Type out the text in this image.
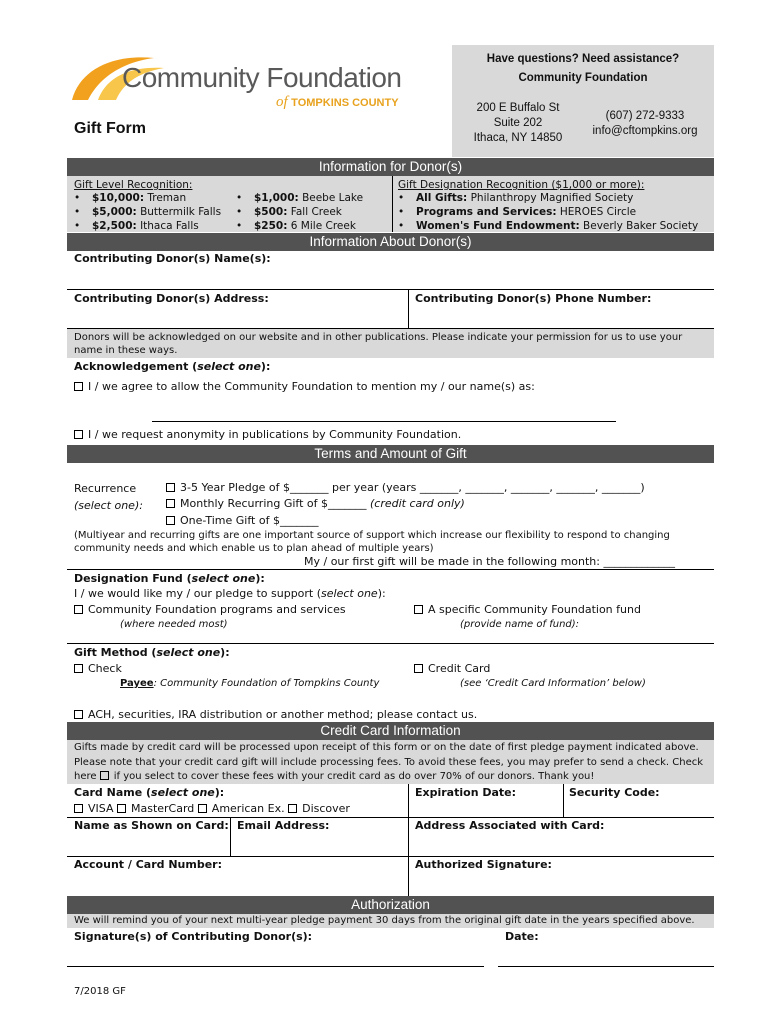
Community Foundation
of TOMPKINS COUNTY
Gift Form
Have questions? Need assistance?
Community Foundation
200 E Buffalo St
Suite 202
Ithaca, NY 14850
(607) 272-9333
info@cftompkins.org
Information for Donor(s)
Gift Level Recognition:
• $10,000: Treman
• $5,000: Buttermilk Falls
• $2,500: Ithaca Falls
• $1,000: Beebe Lake
• $500: Fall Creek
• $250: 6 Mile Creek
Gift Designation Recognition ($1,000 or more):
• All Gifts: Philanthropy Magnified Society
• Programs and Services: HEROES Circle
• Women's Fund Endowment: Beverly Baker Society
Information About Donor(s)
Contributing Donor(s) Name(s):
Contributing Donor(s) Address:	Contributing Donor(s) Phone Number:
Donors will be acknowledged on our website and in other publications. Please indicate your permission for us to use your name in these ways.
Acknowledgement (select one):
I / we agree to allow the Community Foundation to mention my / our name(s) as:
I / we request anonymity in publications by Community Foundation.
Terms and Amount of Gift
Recurrence
(select one):
3-5 Year Pledge of $_______ per year (years _______, _______, _______, _______, _______)
Monthly Recurring Gift of $_______ (credit card only)
One-Time Gift of $_______
(Multiyear and recurring gifts are one important source of support which increase our flexibility to respond to changing community needs and which enable us to plan ahead of multiple years)
My / our first gift will be made in the following month: _____________
Designation Fund (select one):
I / we would like my / our pledge to support (select one):
Community Foundation programs and services
(where needed most)
A specific Community Foundation fund
(provide name of fund):
Gift Method (select one):
Check
Payee: Community Foundation of Tompkins County
Credit Card
(see ‘Credit Card Information’ below)
ACH, securities, IRA distribution or another method; please contact us.
Credit Card Information
Gifts made by credit card will be processed upon receipt of this form or on the date of first pledge payment indicated above. Please note that your credit card gift will include processing fees. To avoid these fees, you may prefer to send a check. Check here if you select to cover these fees with your credit card as do over 70% of our donors. Thank you!
Card Name (select one):
VISA MasterCard American Ex. Discover
Expiration Date:	Security Code:
Name as Shown on Card: Email Address:	Address Associated with Card:
Account / Card Number:	Authorized Signature:
Authorization
We will remind you of your next multi-year pledge payment 30 days from the original gift date in the years specified above.
Signature(s) of Contributing Donor(s):	Date:
7/2018 GF
